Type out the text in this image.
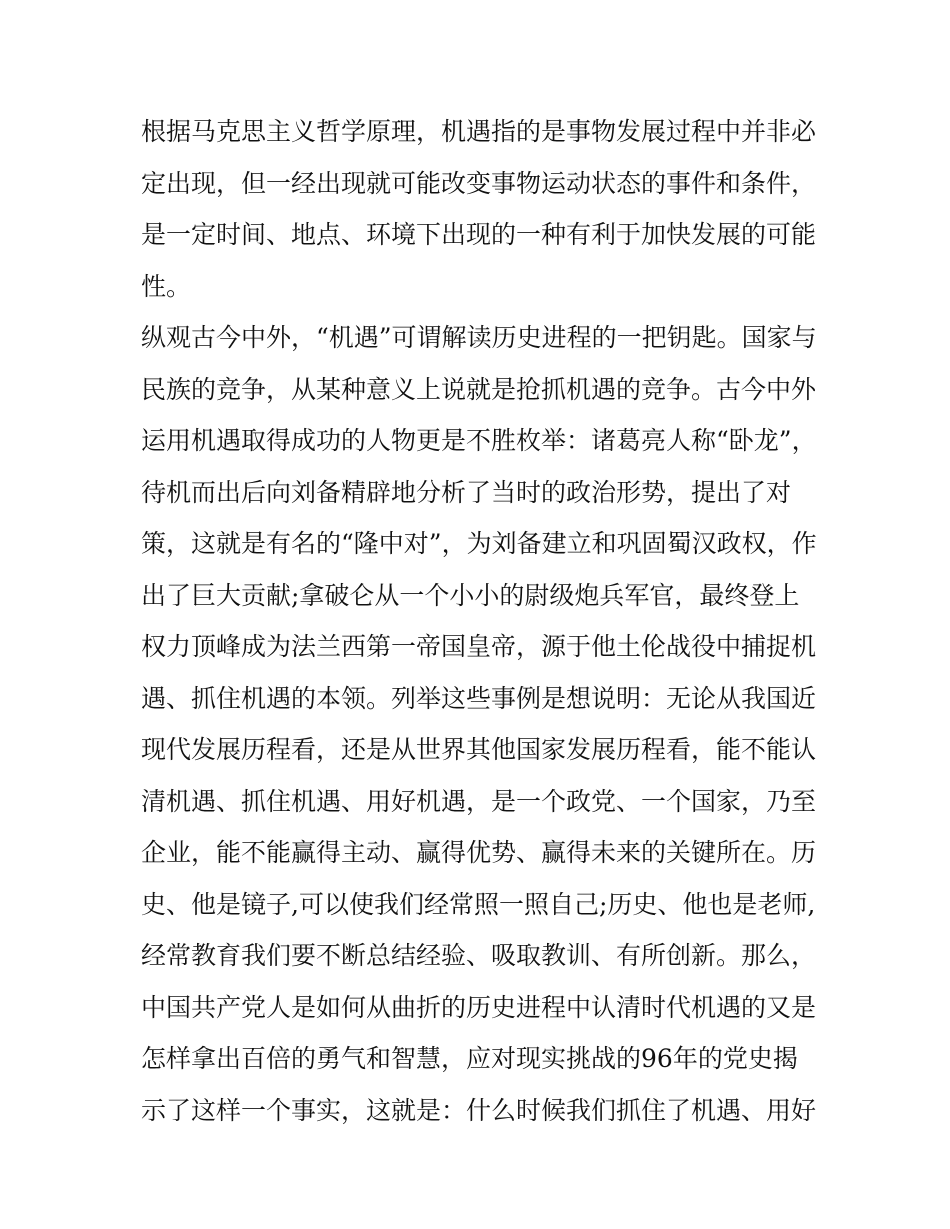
根据马克思主义哲学原理，机遇指的是事物发展过程中并非必
定出现，但一经出现就可能改变事物运动状态的事件和条件，
是一定时间、地点、环境下出现的一种有利于加快发展的可能
性。
纵观古今中外，“机遇”可谓解读历史进程的一把钥匙。国家与
民族的竞争，从某种意义上说就是抢抓机遇的竞争。古今中外
运用机遇取得成功的人物更是不胜枚举：诸葛亮人称“卧龙”，
待机而出后向刘备精辟地分析了当时的政治形势，提出了对
策，这就是有名的“隆中对”，为刘备建立和巩固蜀汉政权，作
出了巨大贡献;拿破仑从一个小小的尉级炮兵军官，最终登上
权力顶峰成为法兰西第一帝国皇帝，源于他土伦战役中捕捉机
遇、抓住机遇的本领。列举这些事例是想说明：无论从我国近
现代发展历程看，还是从世界其他国家发展历程看，能不能认
清机遇、抓住机遇、用好机遇，是一个政党、一个国家，乃至
企业，能不能赢得主动、赢得优势、赢得未来的关键所在。历
史、他是镜子,可以使我们经常照一照自己;历史、他也是老师,
经常教育我们要不断总结经验、吸取教训、有所创新。那么，
中国共产党人是如何从曲折的历史进程中认清时代机遇的又是
怎样拿出百倍的勇气和智慧，应对现实挑战的96年的党史揭
示了这样一个事实，这就是：什么时候我们抓住了机遇、用好
